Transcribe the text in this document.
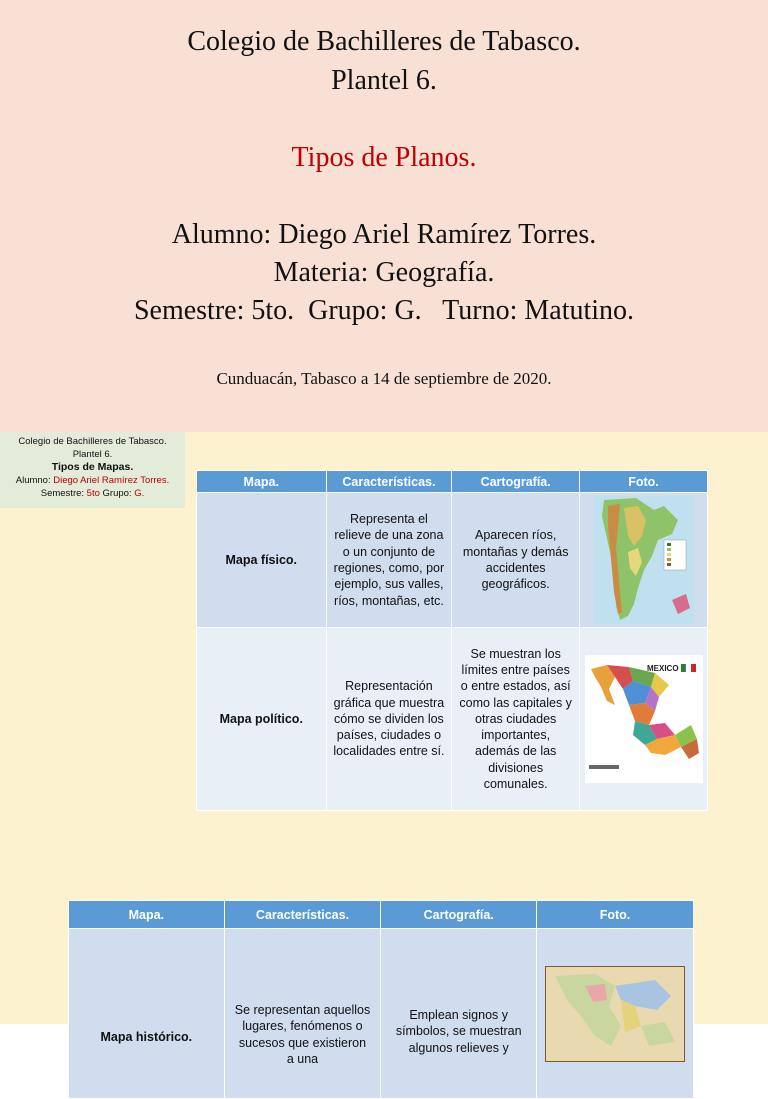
Colegio de Bachilleres de Tabasco.
Plantel 6.
Tipos de Planos.
Alumno: Diego Ariel Ramírez Torres.
Materia: Geografía.
Semestre: 5to.  Grupo: G.   Turno: Matutino.
Cunduacán, Tabasco a 14 de septiembre de 2020.
Colegio de Bachilleres de Tabasco.
Plantel 6.
Tipos de Mapas.
Alumno: Diego Ariel Ramírez Torres.
Semestre: 5to Grupo: G.
Mapa.	Características.	Cartografía.	Foto.
Mapa físico.	Representa el relieve de una zona o un conjunto de regiones, como, por ejemplo, sus valles, ríos, montañas, etc.	Aparecen ríos, montañas y demás accidentes geográficos.	

Mapa político.	Representación gráfica que muestra cómo se dividen los países, ciudades o localidades entre sí.	Se muestran los límites entre países o entre estados, así como las capitales y otras ciudades importantes, además de las divisiones comunales.	MEXICO
Mapa.	Características.	Cartografía.	Foto.
Mapa histórico.	Se representan aquellos lugares, fenómenos o sucesos que existieron a una	Emplean signos y símbolos, se muestran algunos relieves y	
